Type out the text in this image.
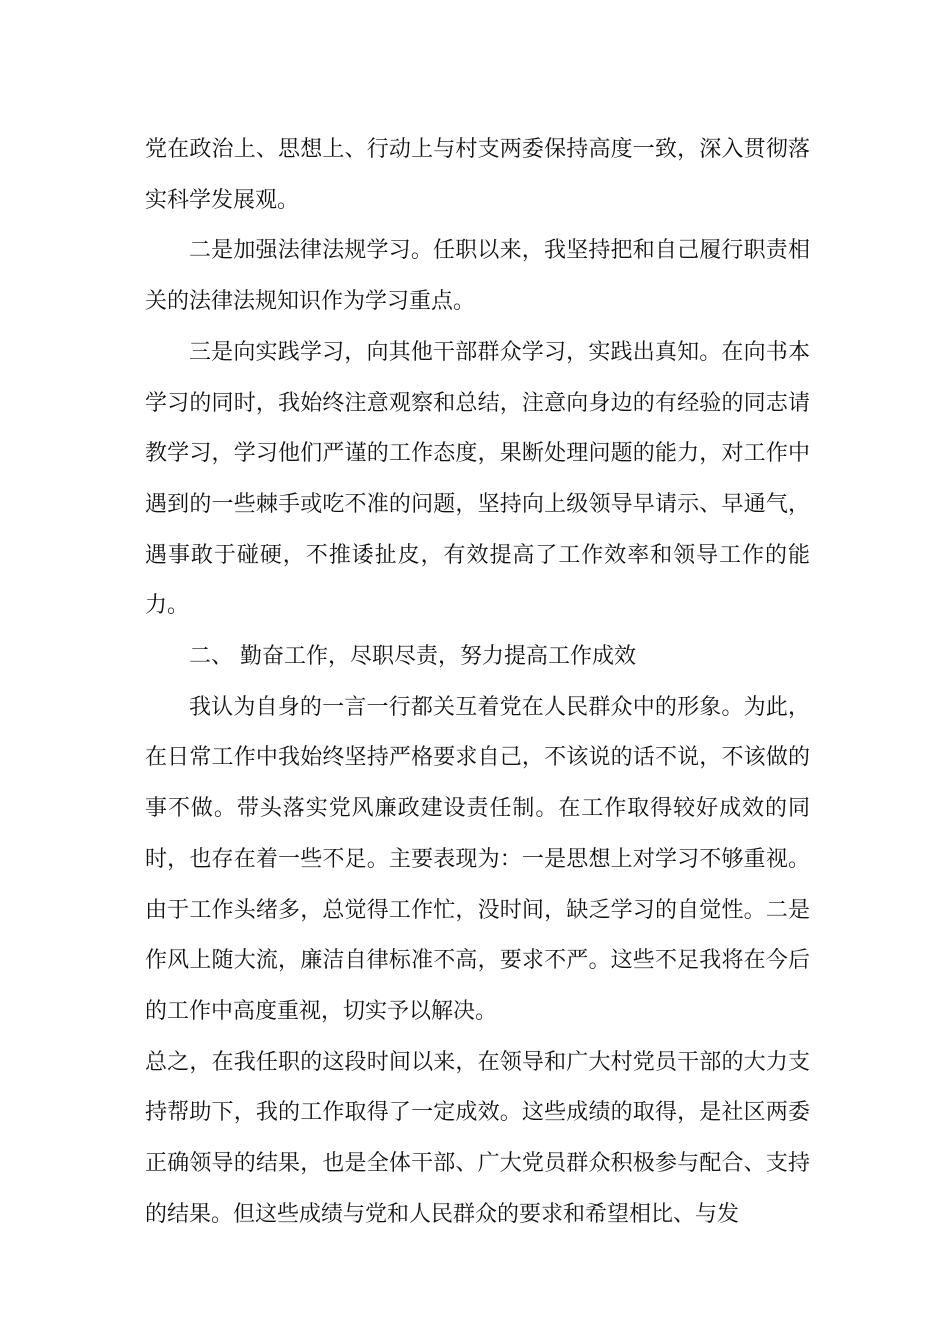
党在政治上、思想上、行动上与村支两委保持高度一致，深入贯彻落实科学发展观。

二是加强法律法规学习。任职以来，我坚持把和自己履行职责相关的法律法规知识作为学习重点。

三是向实践学习，向其他干部群众学习，实践出真知。在向书本学习的同时，我始终注意观察和总结，注意向身边的有经验的同志请教学习，学习他们严谨的工作态度，果断处理问题的能力，对工作中遇到的一些棘手或吃不准的问题，坚持向上级领导早请示、早通气，遇事敢于碰硬，不推诿扯皮，有效提高了工作效率和领导工作的能力。

二、 勤奋工作，尽职尽责，努力提高工作成效

我认为自身的一言一行都关互着党在人民群众中的形象。为此，在日常工作中我始终坚持严格要求自己，不该说的话不说，不该做的事不做。带头落实党风廉政建设责任制。在工作取得较好成效的同时，也存在着一些不足。主要表现为：一是思想上对学习不够重视。由于工作头绪多，总觉得工作忙，没时间，缺乏学习的自觉性。二是作风上随大流，廉洁自律标准不高，要求不严。这些不足我将在今后的工作中高度重视，切实予以解决。

总之，在我任职的这段时间以来，在领导和广大村党员干部的大力支持帮助下，我的工作取得了一定成效。这些成绩的取得，是社区两委正确领导的结果，也是全体干部、广大党员群众积极参与配合、支持的结果。但这些成绩与党和人民群众的要求和希望相比、与发
